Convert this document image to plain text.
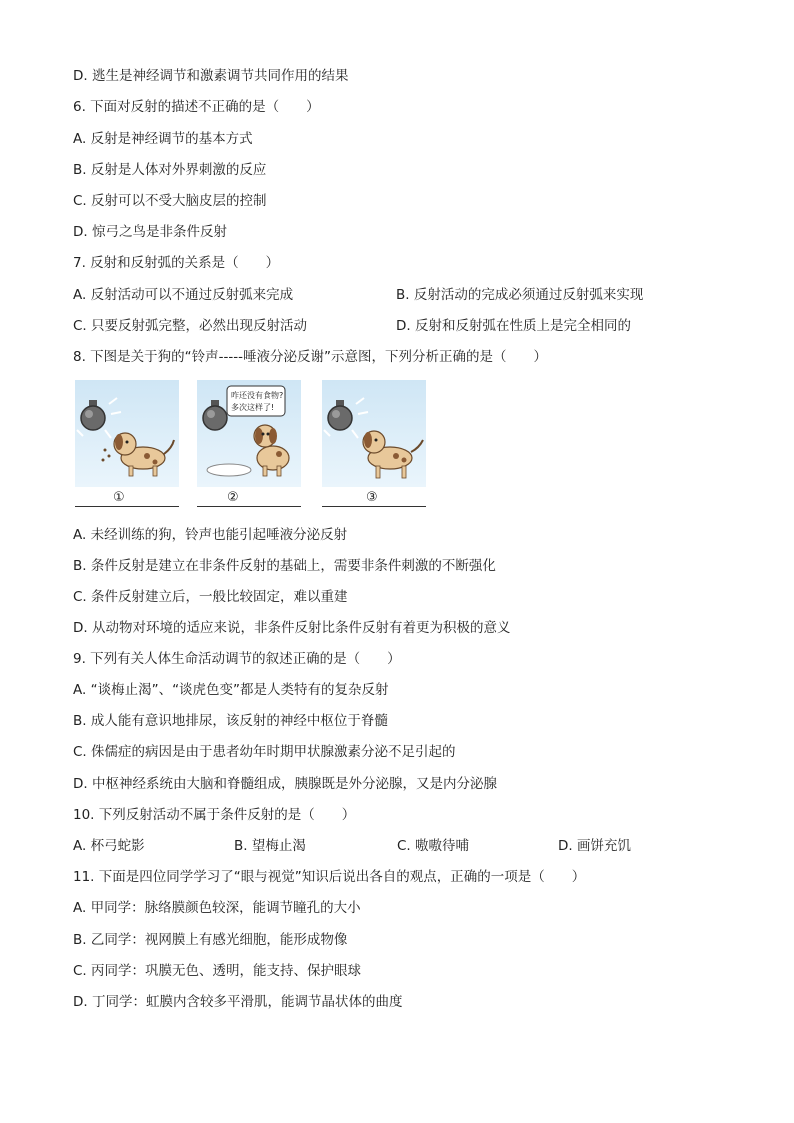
D. 逃生是神经调节和激素调节共同作用的结果
6. 下面对反射的描述不正确的是（　　）
A. 反射是神经调节的基本方式
B. 反射是人体对外界刺激的反应
C. 反射可以不受大脑皮层的控制
D. 惊弓之鸟是非条件反射
7. 反射和反射弧的关系是（　　）
A. 反射活动可以不通过反射弧来完成	B. 反射活动的完成必须通过反射弧来实现
C. 只要反射弧完整，必然出现反射活动	D. 反射和反射弧在性质上是完全相同的
8. 下图是关于狗的“铃声-----唾液分泌反谢”示意图，下列分析正确的是（　　）
咋还没有食物?
多次这样了!
①	②	③
A. 未经训练的狗，铃声也能引起唾液分泌反射
B. 条件反射是建立在非条件反射的基础上，需要非条件刺激的不断强化
C. 条件反射建立后，一般比较固定，难以重建
D. 从动物对环境的适应来说，非条件反射比条件反射有着更为积极的意义
9. 下列有关人体生命活动调节的叙述正确的是（　　）
A. “谈梅止渴”、“谈虎色变”都是人类特有的复杂反射
B. 成人能有意识地排尿，该反射的神经中枢位于脊髓
C. 侏儒症的病因是由于患者幼年时期甲状腺激素分泌不足引起的
D. 中枢神经系统由大脑和脊髓组成，胰腺既是外分泌腺，又是内分泌腺
10. 下列反射活动不属于条件反射的是（　　）
A. 杯弓蛇影	B. 望梅止渴	C. 嗷嗷待哺	D. 画饼充饥
11. 下面是四位同学学习了“眼与视觉”知识后说出各自的观点，正确的一项是（　　）
A. 甲同学：脉络膜颜色较深，能调节瞳孔的大小
B. 乙同学：视网膜上有感光细胞，能形成物像
C. 丙同学：巩膜无色、透明，能支持、保护眼球
D. 丁同学：虹膜内含较多平滑肌，能调节晶状体的曲度
